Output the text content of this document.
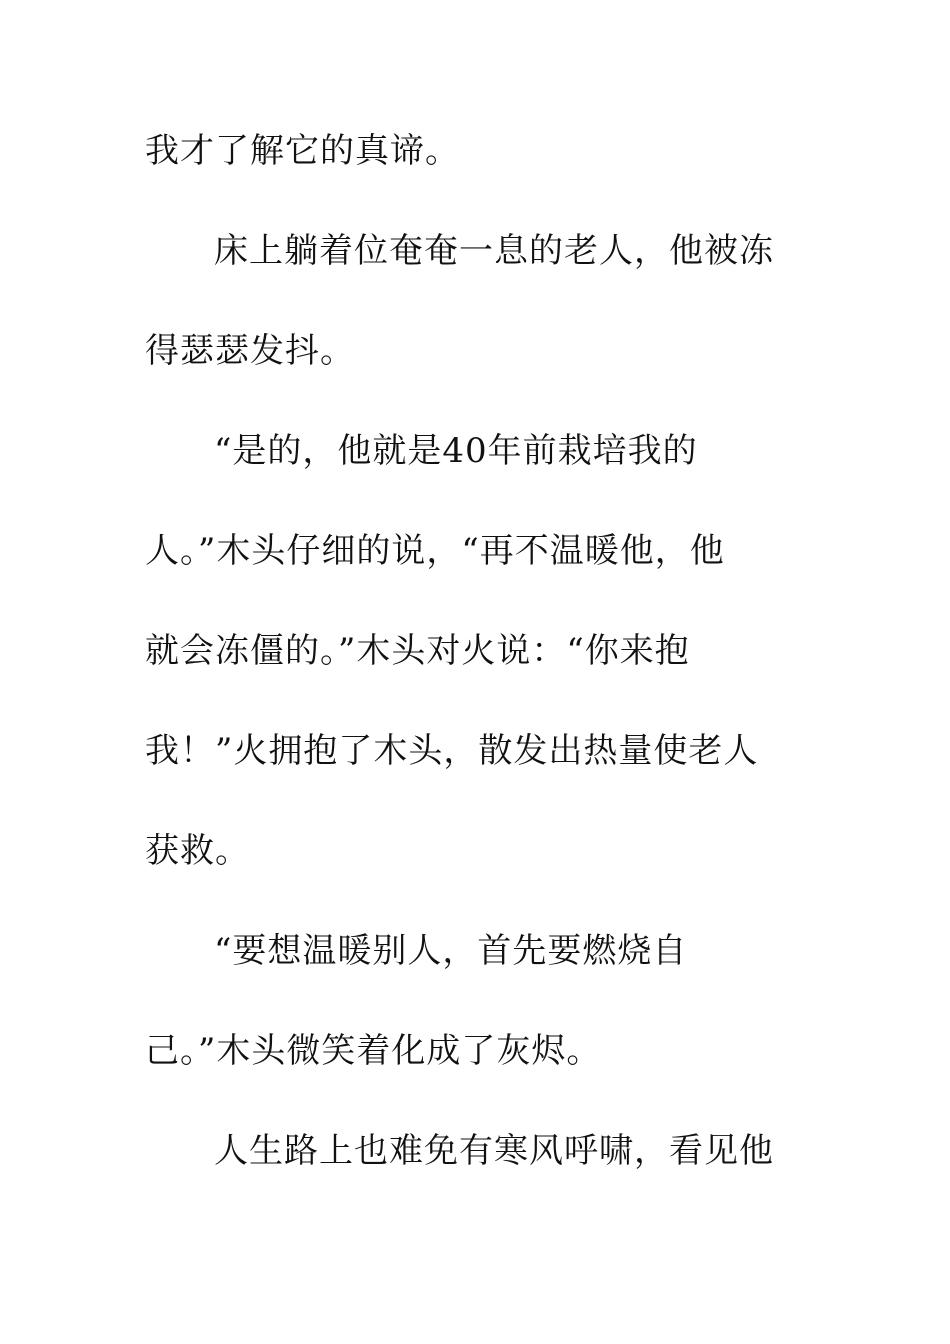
我才了解它的真谛。
床上躺着位奄奄一息的老人，他被冻
得瑟瑟发抖。
“是的，他就是40年前栽培我的
人。”木头仔细的说，“再不温暖他，他
就会冻僵的。”木头对火说：“你来抱
我！”火拥抱了木头，散发出热量使老人
获救。
“要想温暖别人，首先要燃烧自
己。”木头微笑着化成了灰烬。
人生路上也难免有寒风呼啸，看见他
